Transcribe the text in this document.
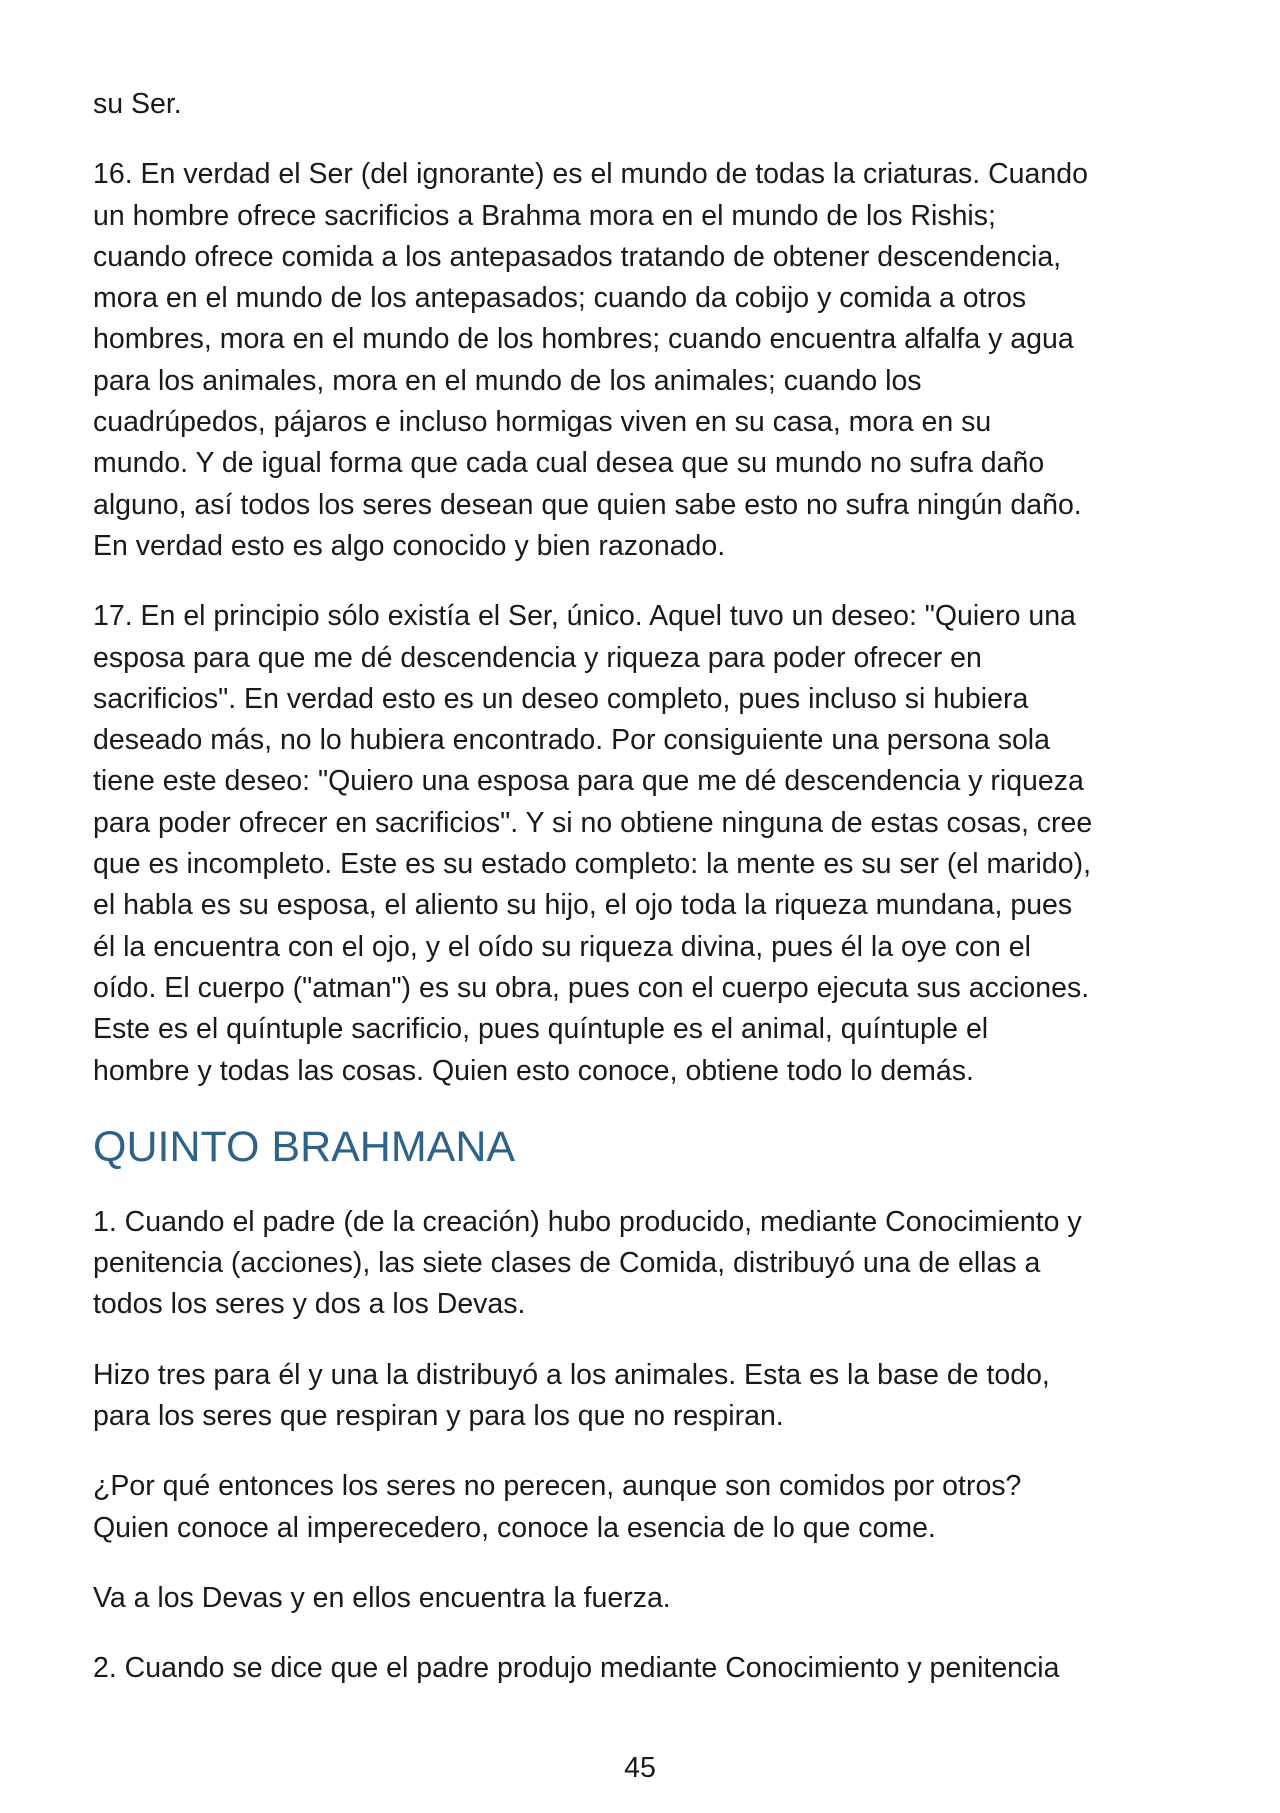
su Ser.

16. En verdad el Ser (del ignorante) es el mundo de todas la criaturas. Cuando
un hombre ofrece sacrificios a Brahma mora en el mundo de los Rishis;
cuando ofrece comida a los antepasados tratando de obtener descendencia,
mora en el mundo de los antepasados; cuando da cobijo y comida a otros
hombres, mora en el mundo de los hombres; cuando encuentra alfalfa y agua
para los animales, mora en el mundo de los animales; cuando los
cuadrúpedos, pájaros e incluso hormigas viven en su casa, mora en su
mundo. Y de igual forma que cada cual desea que su mundo no sufra daño
alguno, así todos los seres desean que quien sabe esto no sufra ningún daño.
En verdad esto es algo conocido y bien razonado.

17. En el principio sólo existía el Ser, único. Aquel tuvo un deseo: "Quiero una
esposa para que me dé descendencia y riqueza para poder ofrecer en
sacrificios". En verdad esto es un deseo completo, pues incluso si hubiera
deseado más, no lo hubiera encontrado. Por consiguiente una persona sola
tiene este deseo: "Quiero una esposa para que me dé descendencia y riqueza
para poder ofrecer en sacrificios". Y si no obtiene ninguna de estas cosas, cree
que es incompleto. Este es su estado completo: la mente es su ser (el marido),
el habla es su esposa, el aliento su hijo, el ojo toda la riqueza mundana, pues
él la encuentra con el ojo, y el oído su riqueza divina, pues él la oye con el
oído. El cuerpo ("atman") es su obra, pues con el cuerpo ejecuta sus acciones.
Este es el quíntuple sacrificio, pues quíntuple es el animal, quíntuple el
hombre y todas las cosas. Quien esto conoce, obtiene todo lo demás.

QUINTO BRAHMANA

1. Cuando el padre (de la creación) hubo producido, mediante Conocimiento y
penitencia (acciones), las siete clases de Comida, distribuyó una de ellas a
todos los seres y dos a los Devas.

Hizo tres para él y una la distribuyó a los animales. Esta es la base de todo,
para los seres que respiran y para los que no respiran.

¿Por qué entonces los seres no perecen, aunque son comidos por otros?
Quien conoce al imperecedero, conoce la esencia de lo que come.

Va a los Devas y en ellos encuentra la fuerza.

2. Cuando se dice que el padre produjo mediante Conocimiento y penitencia

45
